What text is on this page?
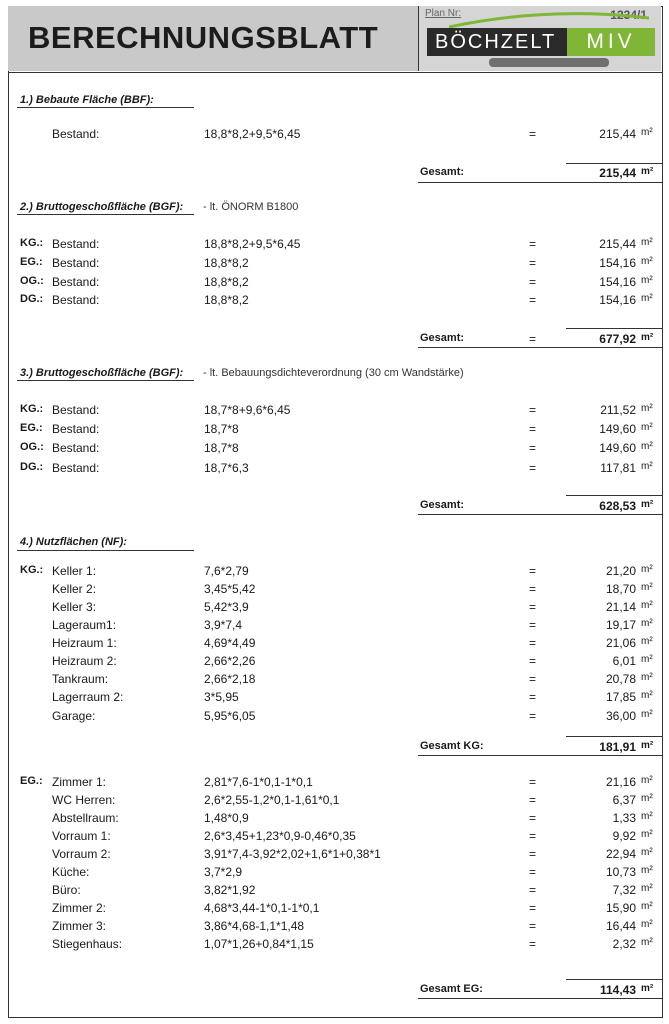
BERECHNUNGSBLATT
Plan Nr:	1234/1
BÖCHZELT	MIV
1.) Bebaute Fläche (BBF):
Bestand:	18,8*8,2+9,5*6,45	=	215,44 m²
Gesamt:	215,44 m²
2.) Bruttogeschoßfläche (BGF): - lt. ÖNORM B1800
KG.: Bestand:	18,8*8,2+9,5*6,45	=	215,44 m²
EG.: Bestand:	18,8*8,2	=	154,16 m²
OG.: Bestand:	18,8*8,2	=	154,16 m²
DG.: Bestand:	18,8*8,2	=	154,16 m²
Gesamt:	=	677,92 m²
3.) Bruttogeschoßfläche (BGF): - lt. Bebauungsdichteverordnung (30 cm Wandstärke)
KG.: Bestand:	18,7*8+9,6*6,45	=	211,52 m²
EG.: Bestand:	18,7*8	=	149,60 m²
OG.: Bestand:	18,7*8	=	149,60 m²
DG.: Bestand:	18,7*6,3	=	117,81 m²
Gesamt:	628,53 m²
4.) Nutzflächen (NF):
KG.: Keller 1:	7,6*2,79	=	21,20 m²
Keller 2:	3,45*5,42	=	18,70 m²
Keller 3:	5,42*3,9	=	21,14 m²
Lageraum1:	3,9*7,4	=	19,17 m²
Heizraum 1:	4,69*4,49	=	21,06 m²
Heizraum 2:	2,66*2,26	=	6,01 m²
Tankraum:	2,66*2,18	=	20,78 m²
Lagerraum 2:	3*5,95	=	17,85 m²
Garage:	5,95*6,05	=	36,00 m²
Gesamt KG:	181,91 m²
EG.: Zimmer 1:	2,81*7,6-1*0,1-1*0,1	=	21,16 m²
WC Herren:	2,6*2,55-1,2*0,1-1,61*0,1	=	6,37 m²
Abstellraum:	1,48*0,9	=	1,33 m²
Vorraum 1:	2,6*3,45+1,23*0,9-0,46*0,35	=	9,92 m²
Vorraum 2:	3,91*7,4-3,92*2,02+1,6*1+0,38*1	=	22,94 m²
Küche:	3,7*2,9	=	10,73 m²
Büro:	3,82*1,92	=	7,32 m²
Zimmer 2:	4,68*3,44-1*0,1-1*0,1	=	15,90 m²
Zimmer 3:	3,86*4,68-1,1*1,48	=	16,44 m²
Stiegenhaus:	1,07*1,26+0,84*1,15	=	2,32 m²
Gesamt EG:	114,43 m²
